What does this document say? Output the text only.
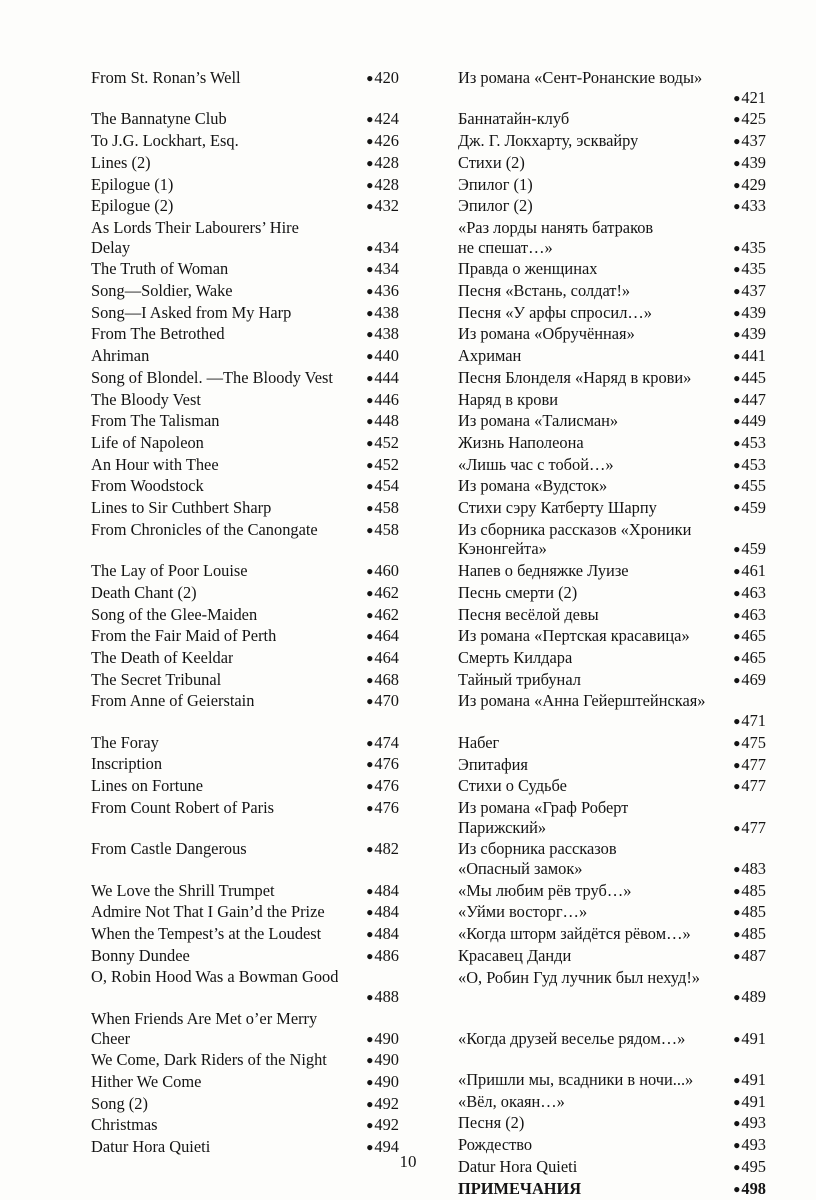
From St. Ronan’s Well	● 420
The Bannatyne Club	● 424
To J.G. Lockhart, Esq.	● 426
Lines (2)	● 428
Epilogue (1)	● 428
Epilogue (2)	● 432
As Lords Their Labourers’ Hire
Delay	● 434
The Truth of Woman	● 434
Song—Soldier, Wake	● 436
Song—I Asked from My Harp	● 438
From The Betrothed	● 438
Ahriman	● 440
Song of Blondel. —The Bloody Vest	● 444
The Bloody Vest	● 446
From The Talisman	● 448
Life of Napoleon	● 452
An Hour with Thee	● 452
From Woodstock	● 454
Lines to Sir Cuthbert Sharp	● 458
From Chronicles of the Canongate	● 458
The Lay of Poor Louise	● 460
Death Chant (2)	● 462
Song of the Glee-Maiden	● 462
From the Fair Maid of Perth	● 464
The Death of Keeldar	● 464
The Secret Tribunal	● 468
From Anne of Geierstain	● 470
The Foray	● 474
Inscription	● 476
Lines on Fortune	● 476
From Count Robert of Paris	● 476
From Castle Dangerous	● 482
We Love the Shrill Trumpet	● 484
Admire Not That I Gain’d the Prize	● 484
When the Tempest’s at the Loudest	● 484
Bonny Dundee	● 486
O, Robin Hood Was a Bowman Good
● 488
When Friends Are Met o’er Merry
Cheer	● 490
We Come, Dark Riders of the Night	● 490
Hither We Come	● 490
Song (2)	● 492
Christmas	● 492
Datur Hora Quieti	● 494
Из романа «Сент-Ронанские воды»
● 421
Баннатайн-клуб	● 425
Дж. Г. Локхарту, эсквайру	● 437
Стихи (2)	● 439
Эпилог (1)	● 429
Эпилог (2)	● 433
«Раз лорды нанять батраков
не спешат…»	● 435
Правда о женщинах	● 435
Песня «Встань, солдат!»	● 437
Песня «У арфы спросил…»	● 439
Из романа «Обручённая»	● 439
Ахриман	● 441
Песня Блонделя «Наряд в крови»	● 445
Наряд в крови	● 447
Из романа «Талисман»	● 449
Жизнь Наполеона	● 453
«Лишь час с тобой…»	● 453
Из романа «Вудсток»	● 455
Стихи сэру Катберту Шарпу	● 459
Из сборника рассказов «Хроники
Кэнонгейта»	● 459
Напев о бедняжке Луизе	● 461
Песнь смерти (2)	● 463
Песня весёлой девы	● 463
Из романа «Пертская красавица»	● 465
Смерть Килдара	● 465
Тайный трибунал	● 469
Из романа «Анна Гейерштейнская»
● 471
Набег	● 475
Эпитафия	● 477
Стихи о Судьбе	● 477
Из романа «Граф Роберт
Парижский»	● 477
Из сборника рассказов
«Опасный замок»	● 483
«Мы любим рёв труб…»	● 485
«Уйми восторг…»	● 485
«Когда шторм зайдётся рёвом…»	● 485
Красавец Данди	● 487
«О, Робин Гуд лучник был нехуд!»
● 489
«Когда друзей веселье рядом…»	● 491
«Пришли мы, всадники в ночи...»	● 491
«Вёл, окаян…»	● 491
Песня (2)	● 493
Рождество	● 493
Datur Hora Quieti	● 495
ПРИМЕЧАНИЯ	● 498
10
